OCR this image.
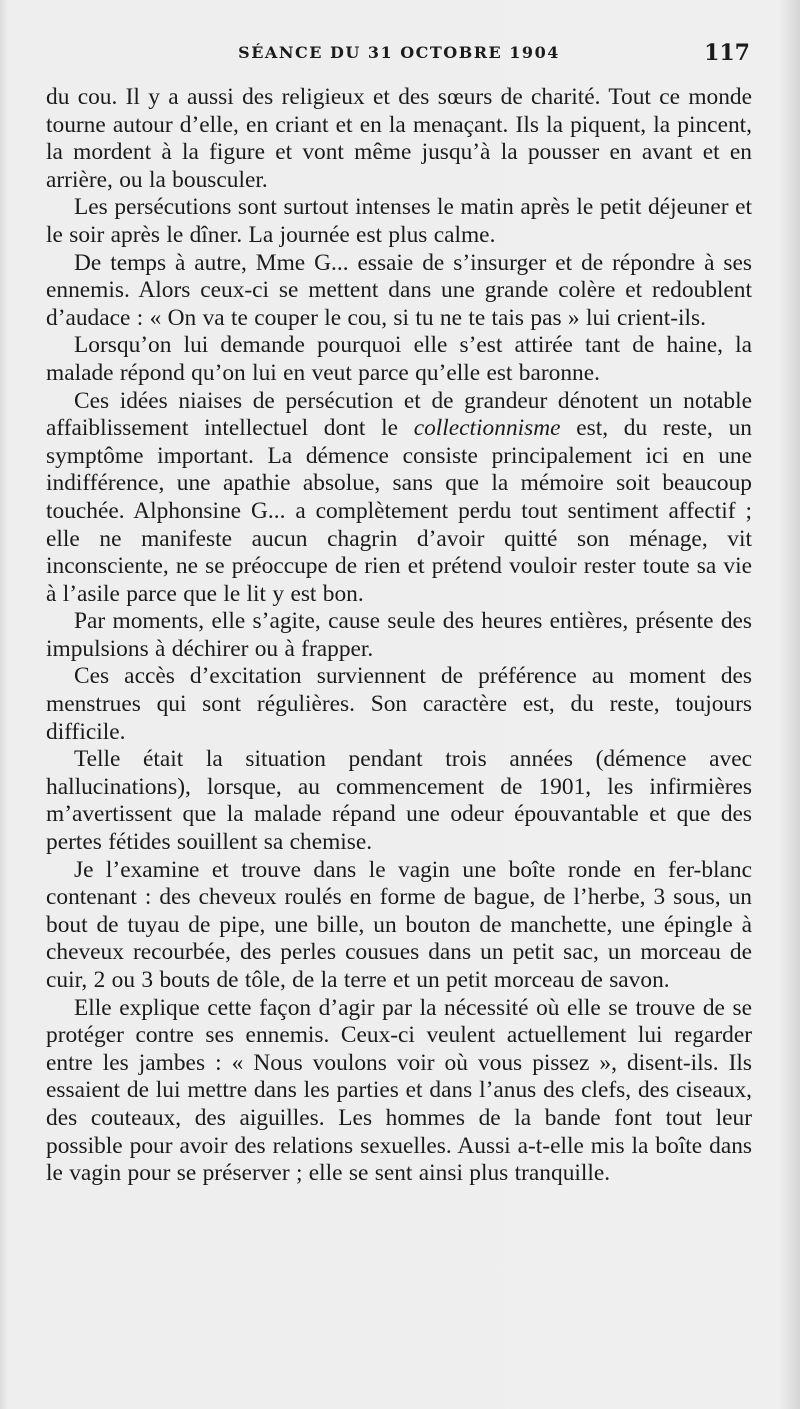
SÉANCE DU 31 OCTOBRE 1904	117

du cou. Il y a aussi des religieux et des sœurs de charité. Tout ce monde tourne autour d’elle, en criant et en la menaçant. Ils la piquent, la pincent, la mordent à la figure et vont même jusqu’à la pousser en avant et en arrière, ou la bousculer.

Les persécutions sont surtout intenses le matin après le petit déjeuner et le soir après le dîner. La journée est plus calme.

De temps à autre, Mme G... essaie de s’insurger et de répondre à ses ennemis. Alors ceux-ci se mettent dans une grande colère et redoublent d’audace : « On va te couper le cou, si tu ne te tais pas » lui crient-ils.

Lorsqu’on lui demande pourquoi elle s’est attirée tant de haine, la malade répond qu’on lui en veut parce qu’elle est baronne.

Ces idées niaises de persécution et de grandeur dénotent un notable affaiblissement intellectuel dont le collectionnisme est, du reste, un symptôme important. La démence consiste principalement ici en une indifférence, une apathie absolue, sans que la mémoire soit beaucoup touchée. Alphonsine G... a complètement perdu tout sentiment affectif ; elle ne manifeste aucun chagrin d’avoir quitté son ménage, vit inconsciente, ne se préoccupe de rien et prétend vouloir rester toute sa vie à l’asile parce que le lit y est bon.

Par moments, elle s’agite, cause seule des heures entières, présente des impulsions à déchirer ou à frapper.

Ces accès d’excitation surviennent de préférence au moment des menstrues qui sont régulières. Son caractère est, du reste, toujours difficile.

Telle était la situation pendant trois années (démence avec hallucinations), lorsque, au commencement de 1901, les infirmières m’avertissent que la malade répand une odeur épouvantable et que des pertes fétides souillent sa chemise.

Je l’examine et trouve dans le vagin une boîte ronde en fer-blanc contenant : des cheveux roulés en forme de bague, de l’herbe, 3 sous, un bout de tuyau de pipe, une bille, un bouton de manchette, une épingle à cheveux recourbée, des perles cousues dans un petit sac, un morceau de cuir, 2 ou 3 bouts de tôle, de la terre et un petit morceau de savon.

Elle explique cette façon d’agir par la nécessité où elle se trouve de se protéger contre ses ennemis. Ceux-ci veulent actuellement lui regarder entre les jambes : « Nous voulons voir où vous pissez », disent-ils. Ils essaient de lui mettre dans les parties et dans l’anus des clefs, des ciseaux, des couteaux, des aiguilles. Les hommes de la bande font tout leur possible pour avoir des relations sexuelles. Aussi a-t-elle mis la boîte dans le vagin pour se préserver ; elle se sent ainsi plus tranquille.
